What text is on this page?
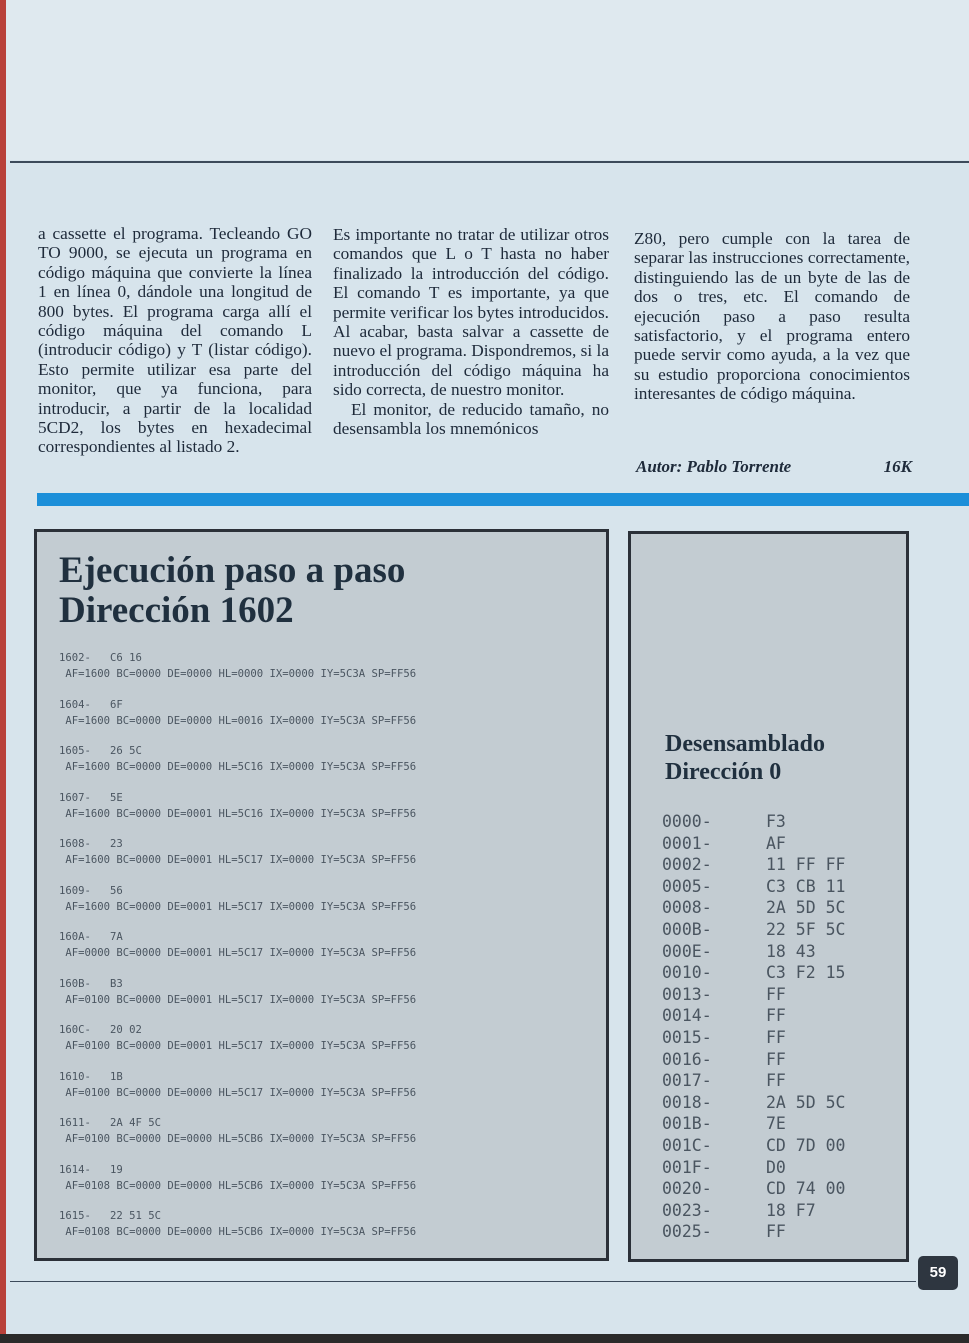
a cassette el programa. Tecleando GO TO 9000, se ejecuta un programa en código máquina que convierte la línea 1 en línea 0, dándole una longitud de 800 bytes. El programa carga allí el código máquina del comando L (introducir código) y T (listar código). Esto permite utilizar esa parte del monitor, que ya funciona, para introducir, a partir de la localidad 5CD2, los bytes en hexadecimal correspondientes al listado 2.

Es importante no tratar de utilizar otros comandos que L o T hasta no haber finalizado la introducción del código. El comando T es importante, ya que permite verificar los bytes introducidos. Al acabar, basta salvar a cassette de nuevo el programa. Dispondremos, si la introducción del código máquina ha sido correcta, de nuestro monitor.

El monitor, de reducido tamaño, no desensambla los mnemónicos

Z80, pero cumple con la tarea de separar las instrucciones correctamente, distinguiendo las de un byte de las de dos o tres, etc. El comando de ejecución paso a paso resulta satisfactorio, y el programa entero puede servir como ayuda, a la vez que su estudio proporciona conocimientos interesantes de código máquina.

Autor: Pablo Torrente	16K
Ejecución paso a paso
Dirección 1602
1602-   C6 16
AF=1600 BC=0000 DE=0000 HL=0000 IX=0000 IY=5C3A SP=FF56
1604-   6F
AF=1600 BC=0000 DE=0000 HL=0016 IX=0000 IY=5C3A SP=FF56
1605-   26 5C
AF=1600 BC=0000 DE=0000 HL=5C16 IX=0000 IY=5C3A SP=FF56
1607-   5E
AF=1600 BC=0000 DE=0001 HL=5C16 IX=0000 IY=5C3A SP=FF56
1608-   23
AF=1600 BC=0000 DE=0001 HL=5C17 IX=0000 IY=5C3A SP=FF56
1609-   56
AF=1600 BC=0000 DE=0001 HL=5C17 IX=0000 IY=5C3A SP=FF56
160A-   7A
AF=0000 BC=0000 DE=0001 HL=5C17 IX=0000 IY=5C3A SP=FF56
160B-   B3
AF=0100 BC=0000 DE=0001 HL=5C17 IX=0000 IY=5C3A SP=FF56
160C-   20 02
AF=0100 BC=0000 DE=0001 HL=5C17 IX=0000 IY=5C3A SP=FF56
1610-   1B
AF=0100 BC=0000 DE=0000 HL=5C17 IX=0000 IY=5C3A SP=FF56
1611-   2A 4F 5C
AF=0100 BC=0000 DE=0000 HL=5CB6 IX=0000 IY=5C3A SP=FF56
1614-   19
AF=0108 BC=0000 DE=0000 HL=5CB6 IX=0000 IY=5C3A SP=FF56
1615-   22 51 5C
AF=0108 BC=0000 DE=0000 HL=5CB6 IX=0000 IY=5C3A SP=FF56
Desensamblado
Dirección 0
0000-	F3
0001-	AF
0002-	11 FF FF
0005-	C3 CB 11
0008-	2A 5D 5C
000B-	22 5F 5C
000E-	18 43
0010-	C3 F2 15
0013-	FF
0014-	FF
0015-	FF
0016-	FF
0017-	FF
0018-	2A 5D 5C
001B-	7E
001C-	CD 7D 00
001F-	D0
0020-	CD 74 00
0023-	18 F7
0025-	FF
59
